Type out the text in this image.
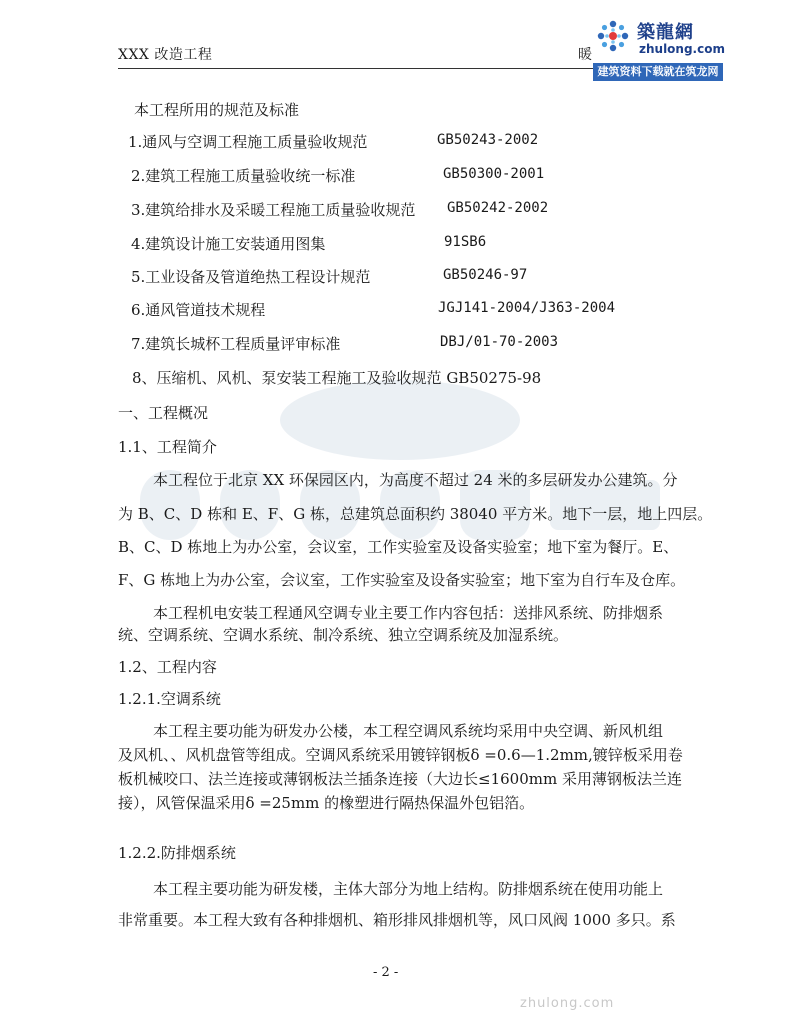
XXX 改造工程	暖
築龍網
zhulong.com
建筑资料下载就在筑龙网
本工程所用的规范及标准
1.通风与空调工程施工质量验收规范	GB50243-2002
2.建筑工程施工质量验收统一标准	GB50300-2001
3.建筑给排水及采暖工程施工质量验收规范 GB50242-2002
4.建筑设计施工安装通用图集	91SB6
5.工业设备及管道绝热工程设计规范	GB50246-97
6.通风管道技术规程	JGJ141-2004/J363-2004
7.建筑长城杯工程质量评审标准	DBJ/01-70-2003
8、压缩机、风机、泵安装工程施工及验收规范 GB50275-98
一、工程概况
1.1、工程简介
本工程位于北京 XX 环保园区内，为高度不超过 24 米的多层研发办公建筑。分
为 B、C、D 栋和 E、F、G 栋，总建筑总面积约 38040 平方米。地下一层，地上四层。
B、C、D 栋地上为办公室，会议室，工作实验室及设备实验室；地下室为餐厅。E、
F、G 栋地上为办公室，会议室，工作实验室及设备实验室；地下室为自行车及仓库。
本工程机电安装工程通风空调专业主要工作内容包括：送排风系统、防排烟系
统、空调系统、空调水系统、制冷系统、独立空调系统及加湿系统。
1.2、工程内容
1.2.1.空调系统
本工程主要功能为研发办公楼，本工程空调风系统均采用中央空调、新风机组
及风机、、风机盘管等组成。空调风系统采用镀锌钢板δ =0.6—1.2mm,镀锌板采用卷
板机械咬口、法兰连接或薄钢板法兰插条连接（大边长≤1600mm 采用薄钢板法兰连
接），风管保温采用δ =25mm 的橡塑进行隔热保温外包铝箔。
1.2.2.防排烟系统
本工程主要功能为研发楼，主体大部分为地上结构。防排烟系统在使用功能上
非常重要。本工程大致有各种排烟机、箱形排风排烟机等，风口风阀 1000 多只。系
- 2 -
zhulong.com
